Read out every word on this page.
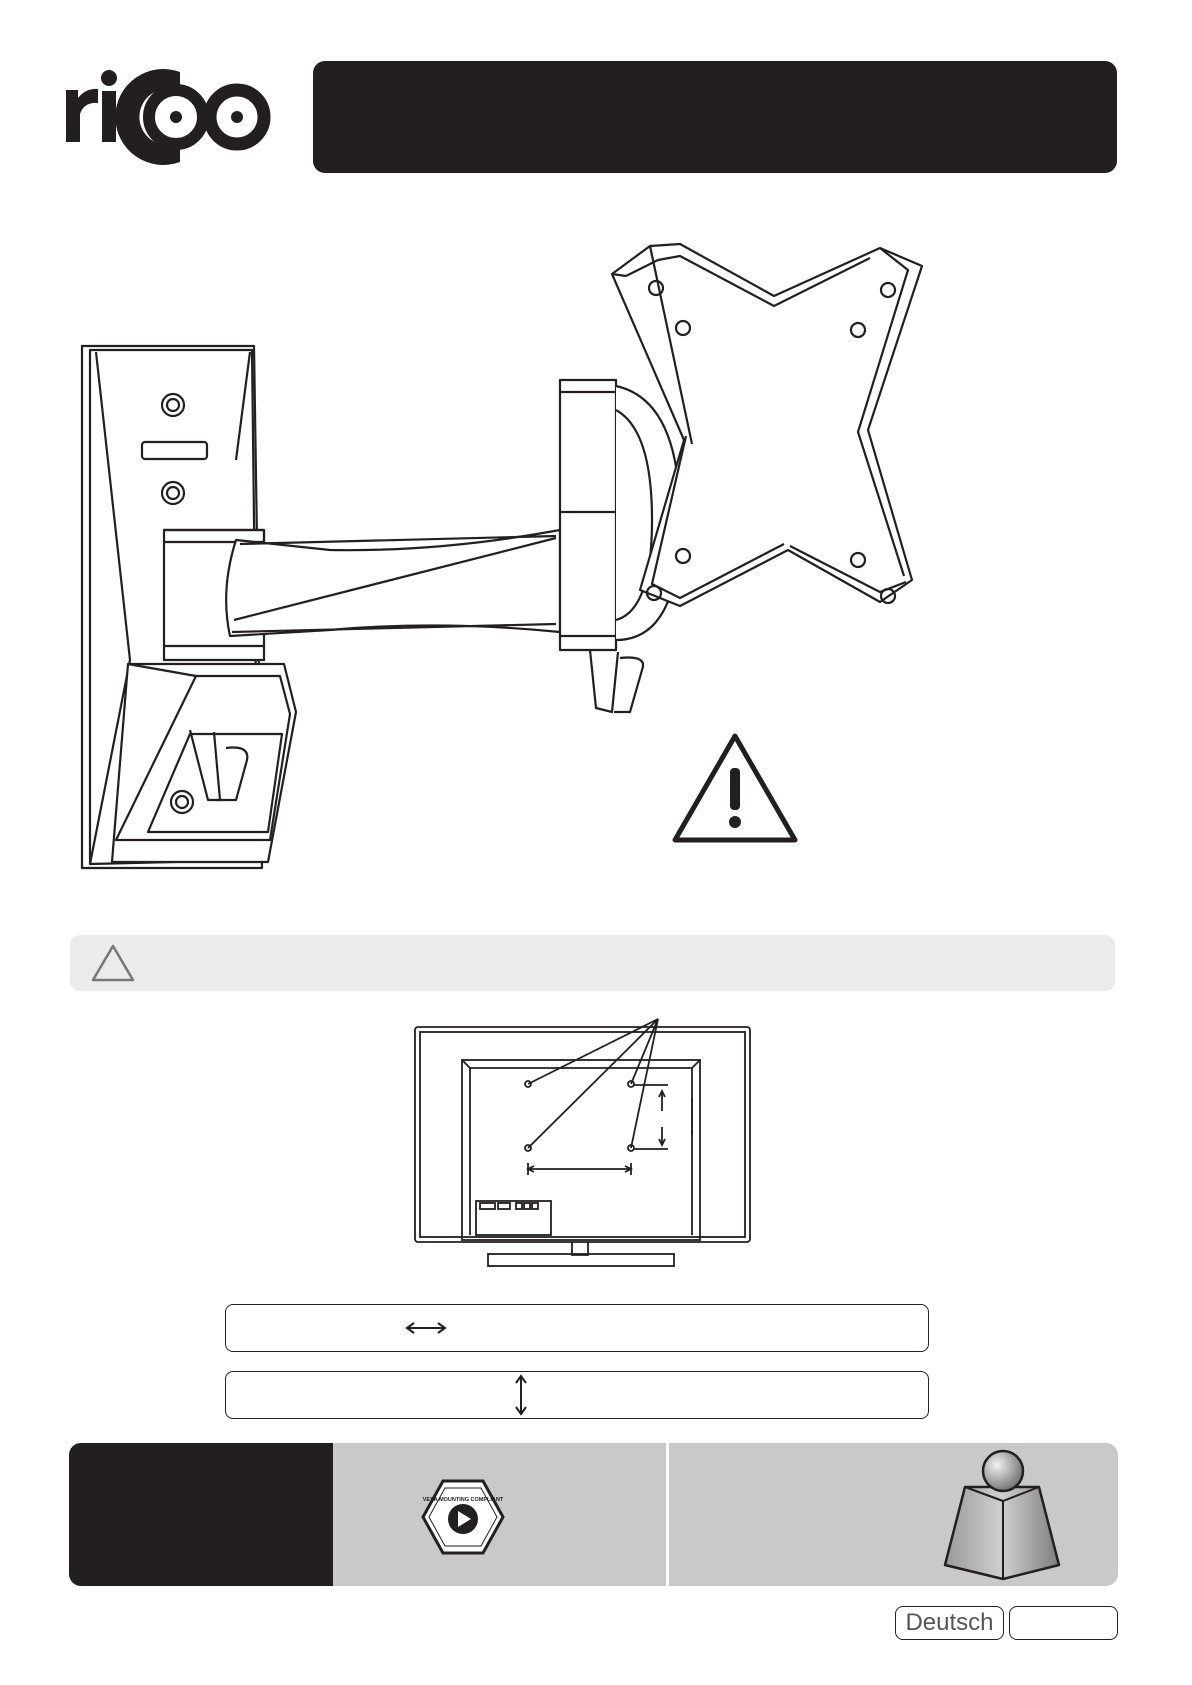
ricoo
VESA MOUNTING COMPLIANT
Deutsch
